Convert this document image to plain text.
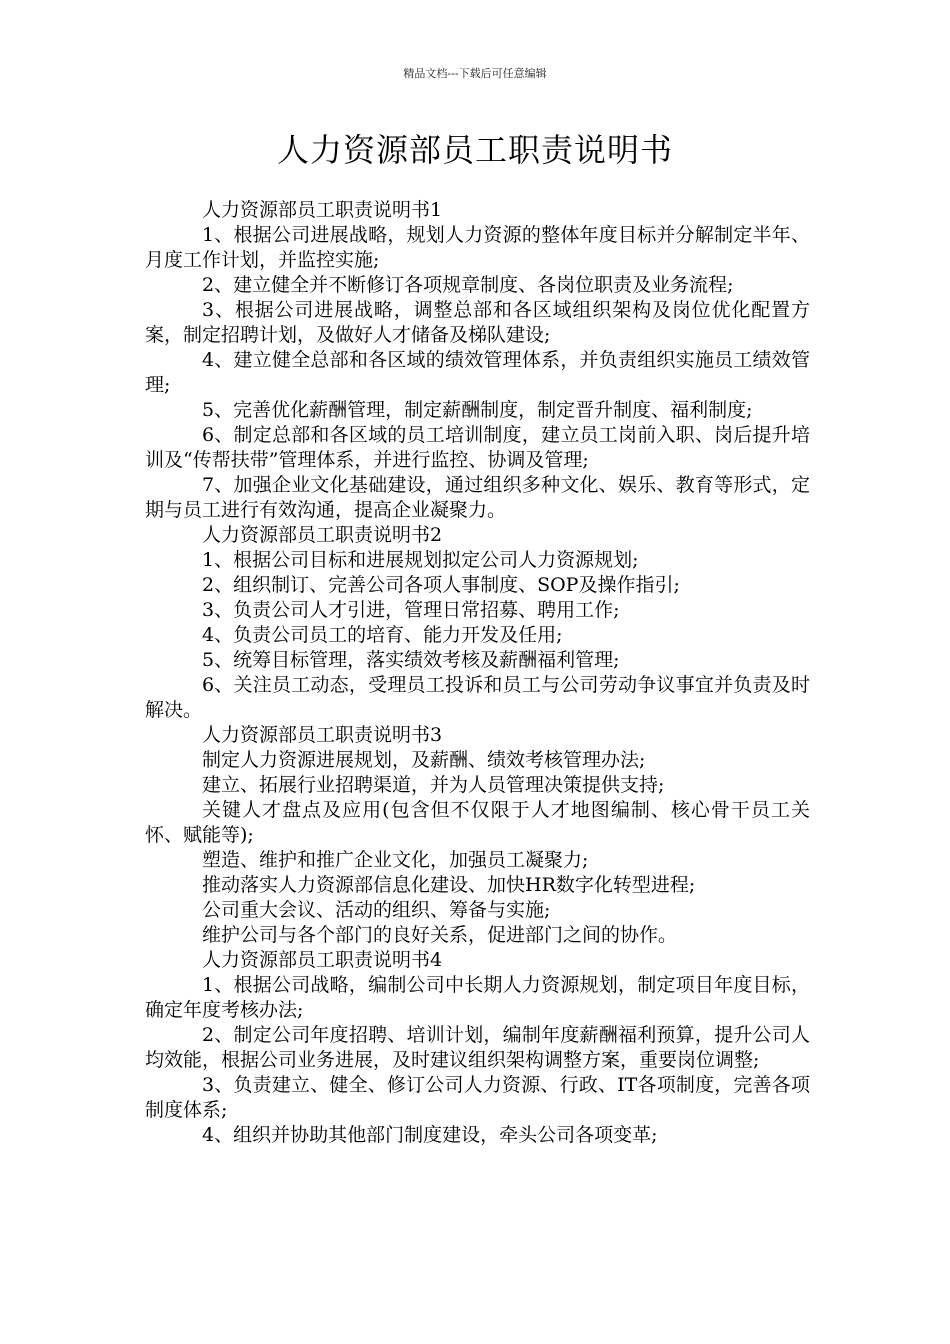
精品文档---下载后可任意编辑
人力资源部员工职责说明书

人力资源部员工职责说明书1

1、根据公司进展战略，规划人力资源的整体年度目标并分解制定半年、月度工作计划，并监控实施;

2、建立健全并不断修订各项规章制度、各岗位职责及业务流程;

3、根据公司进展战略，调整总部和各区域组织架构及岗位优化配置方案，制定招聘计划，及做好人才储备及梯队建设;

4、建立健全总部和各区域的绩效管理体系，并负责组织实施员工绩效管理;

5、完善优化薪酬管理，制定薪酬制度，制定晋升制度、福利制度;

6、制定总部和各区域的员工培训制度，建立员工岗前入职、岗后提升培训及“传帮扶带”管理体系，并进行监控、协调及管理;

7、加强企业文化基础建设，通过组织多种文化、娱乐、教育等形式，定期与员工进行有效沟通，提高企业凝聚力。

人力资源部员工职责说明书2

1、根据公司目标和进展规划拟定公司人力资源规划;

2、组织制订、完善公司各项人事制度、SOP及操作指引;

3、负责公司人才引进，管理日常招募、聘用工作;

4、负责公司员工的培育、能力开发及任用;

5、统筹目标管理，落实绩效考核及薪酬福利管理;

6、关注员工动态，受理员工投诉和员工与公司劳动争议事宜并负责及时解决。

人力资源部员工职责说明书3

制定人力资源进展规划，及薪酬、绩效考核管理办法;

建立、拓展行业招聘渠道，并为人员管理决策提供支持;

关键人才盘点及应用(包含但不仅限于人才地图编制、核心骨干员工关怀、赋能等);

塑造、维护和推广企业文化，加强员工凝聚力;

推动落实人力资源部信息化建设、加快HR数字化转型进程;

公司重大会议、活动的组织、筹备与实施;

维护公司与各个部门的良好关系，促进部门之间的协作。

人力资源部员工职责说明书4

1、根据公司战略，编制公司中长期人力资源规划，制定项目年度目标，确定年度考核办法;

2、制定公司年度招聘、培训计划，编制年度薪酬福利预算，提升公司人均效能，根据公司业务进展，及时建议组织架构调整方案，重要岗位调整;

3、负责建立、健全、修订公司人力资源、行政、IT各项制度，完善各项制度体系;

4、组织并协助其他部门制度建设，牵头公司各项变革;
